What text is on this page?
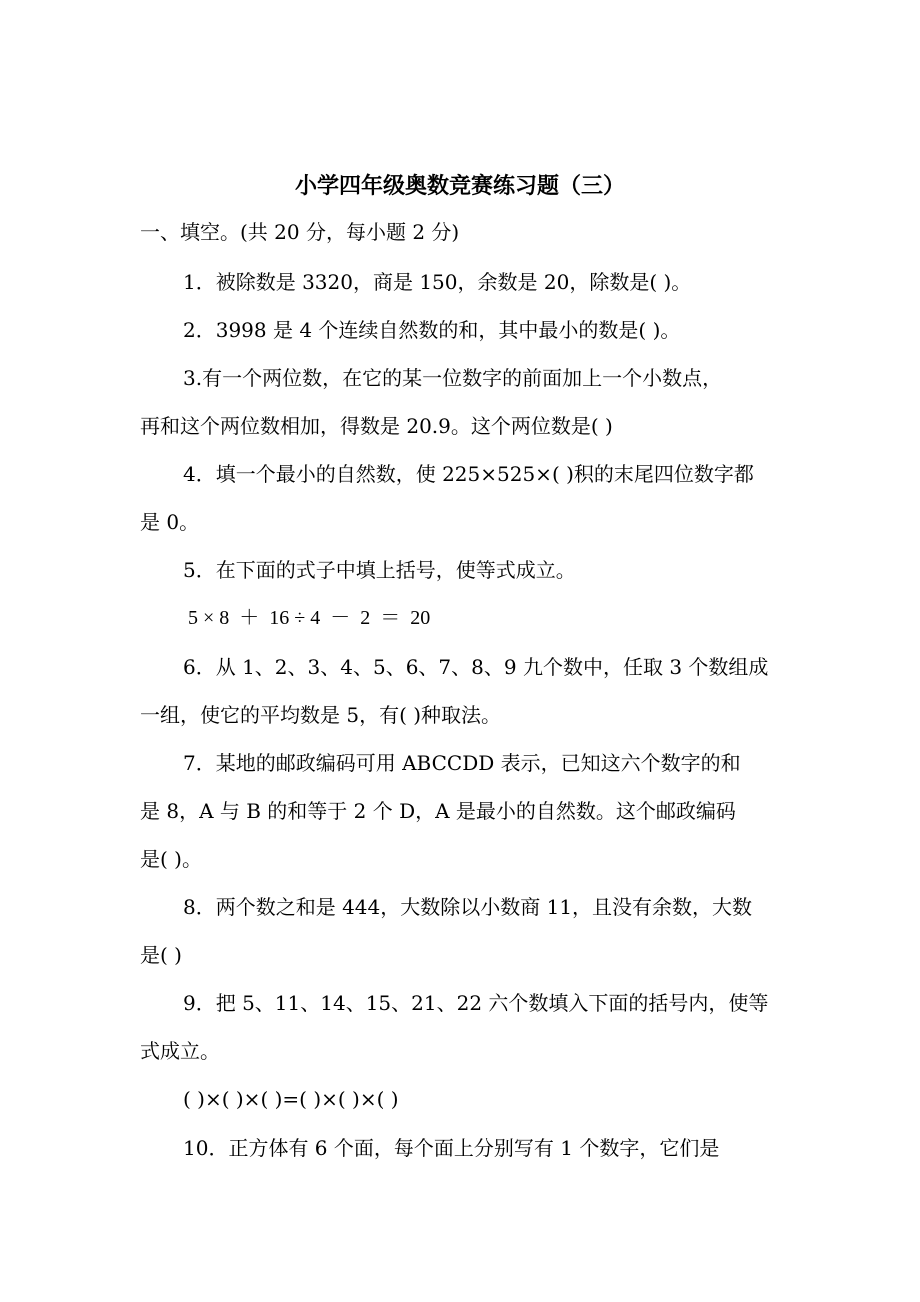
小学四年级奥数竞赛练习题（三）
一、填空。(共 20 分，每小题 2 分)
1．被除数是 3320，商是 150，余数是 20，除数是( )。
2．3998 是 4 个连续自然数的和，其中最小的数是( )。
3.有一个两位数，在它的某一位数字的前面加上一个小数点，
再和这个两位数相加，得数是 20.9。这个两位数是( )
4．填一个最小的自然数，使 225×525×( )积的末尾四位数字都
是 0。
5．在下面的式子中填上括号，使等式成立。
5 × 8  ＋  16 ÷ 4  －  2  ＝  20
6．从 1、2、3、4、5、6、7、8、9 九个数中，任取 3 个数组成
一组，使它的平均数是 5，有( )种取法。
7．某地的邮政编码可用 ABCCDD 表示，已知这六个数字的和
是 8，A 与 B 的和等于 2 个 D，A 是最小的自然数。这个邮政编码
是( )。
8．两个数之和是 444，大数除以小数商 11，且没有余数，大数
是( )
9．把 5、11、14、15、21、22 六个数填入下面的括号内，使等
式成立。
( )×( )×( )=( )×( )×( )
10．正方体有 6 个面，每个面上分别写有 1 个数字，它们是
